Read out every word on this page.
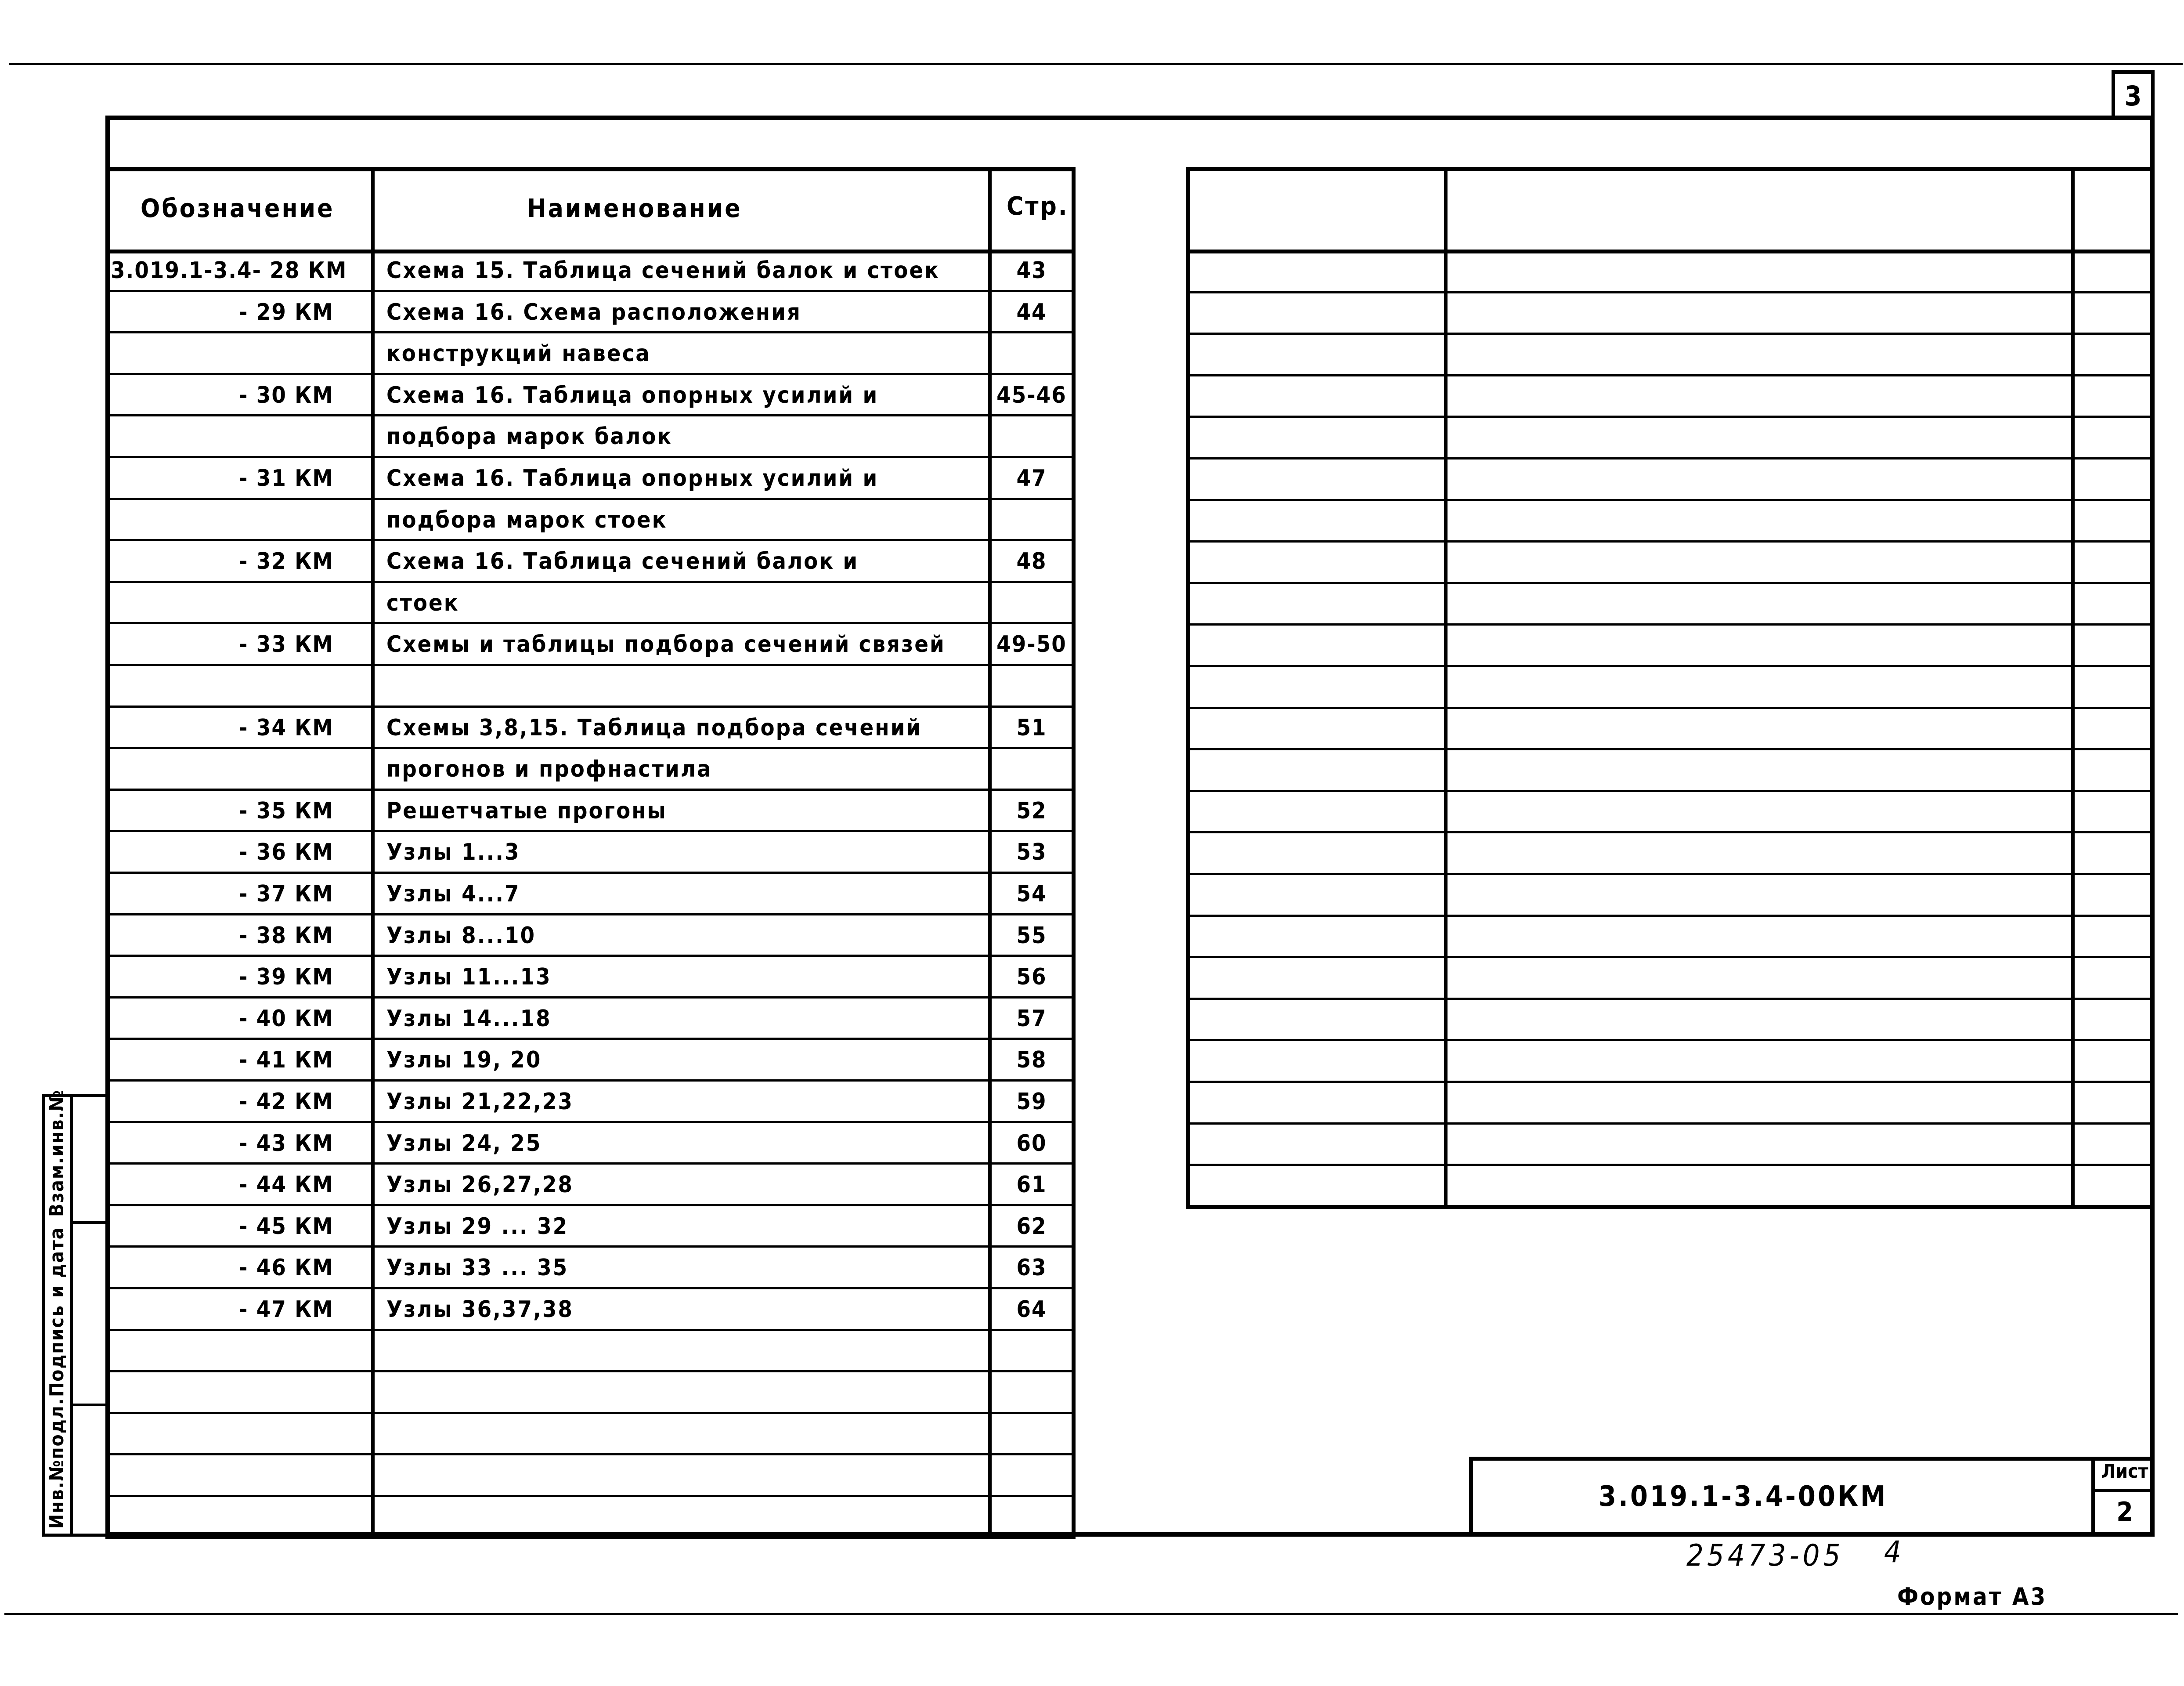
3
Инв.№подл.
Подпись и дата
Взам.инв.№
Обозначение	Наименование	Стр.
3.019.1-3.4- 28 КМ Схема 15. Таблица сечений балок и стоек	43
- 29 КМ Схема 16. Схема расположения	44
конструкций навеса
- 30 КМ Схема 16. Таблица опорных усилий и	45-46
подбора марок балок
- 31 КМ Схема 16. Таблица опорных усилий и	47
подбора марок стоек
- 32 КМ Схема 16. Таблица сечений балок и	48
стоек
- 33 КМ Схемы и таблицы подбора сечений связей 49-50
- 34 КМ Схемы 3,8,15. Таблица подбора сечений	51
прогонов и профнастила
- 35 КМ Решетчатые прогоны	52
- 36 КМ Узлы 1...3	53
- 37 КМ Узлы 4...7	54
- 38 КМ Узлы 8...10	55
- 39 КМ Узлы 11...13	56
- 40 КМ Узлы 14...18	57
- 41 КМ Узлы 19, 20	58
- 42 КМ Узлы 21,22,23	59
- 43 КМ Узлы 24, 25	60
- 44 КМ Узлы 26,27,28	61
- 45 КМ Узлы 29 ... 32	62
- 46 КМ Узлы 33 ... 35	63
- 47 КМ Узлы 36,37,38	64
3.019.1-3.4-00КМ
Лист
2
25473-05 4
Формат А3
